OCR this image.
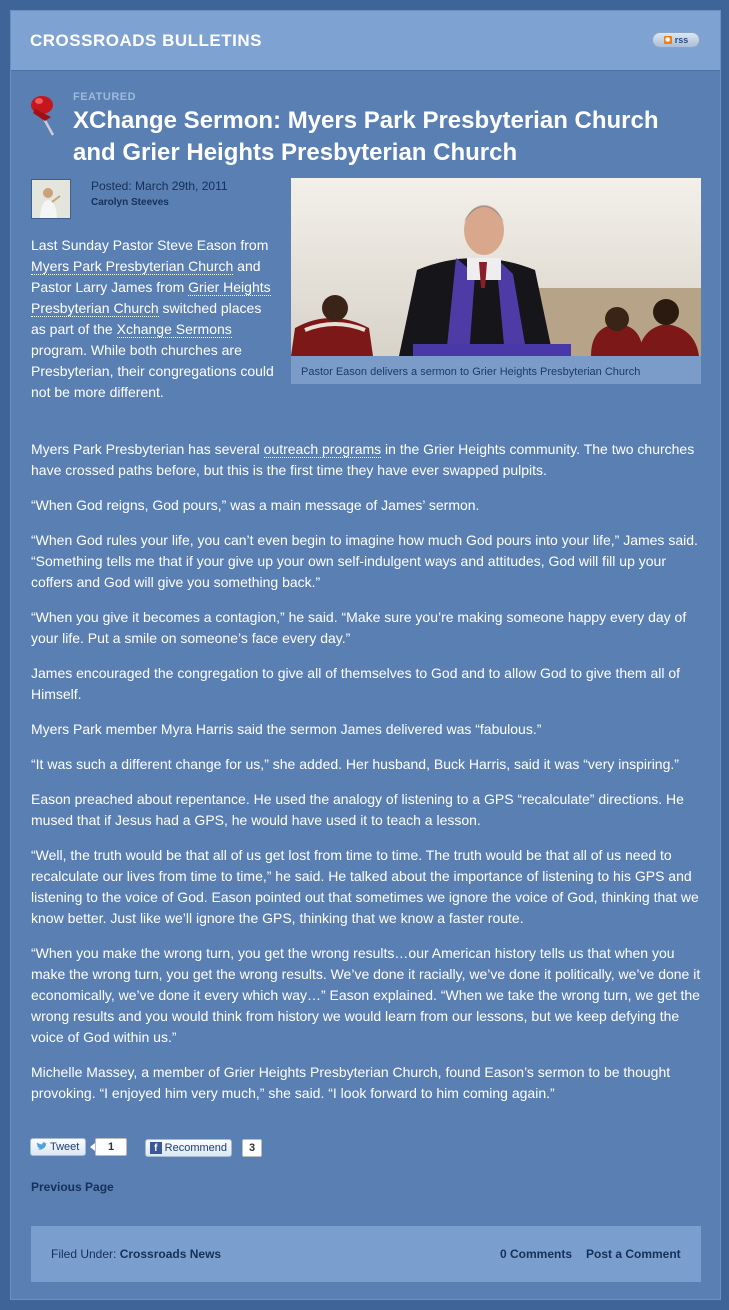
CROSSROADS BULLETINS	◉ rss
FEATURED
XChange Sermon: Myers Park Presbyterian Church and Grier Heights Presbyterian Church
Posted: March 29th, 2011
Carolyn Steeves
Pastor Eason delivers a sermon to Grier Heights Presbyterian Church

Last Sunday Pastor Steve Eason from Myers Park Presbyterian Church and Pastor Larry James from Grier Heights Presbyterian Church switched places as part of the Xchange Sermons program. While both churches are Presbyterian, their congregations could not be more different.

Myers Park Presbyterian has several outreach programs in the Grier Heights community. The two churches have crossed paths before, but this is the first time they have ever swapped pulpits.

“When God reigns, God pours,” was a main message of James’ sermon.

“When God rules your life, you can’t even begin to imagine how much God pours into your life,” James said. “Something tells me that if your give up your own self-indulgent ways and attitudes, God will fill up your coffers and God will give you something back.”

“When you give it becomes a contagion,” he said. “Make sure you’re making someone happy every day of your life. Put a smile on someone’s face every day.”

James encouraged the congregation to give all of themselves to God and to allow God to give them all of Himself.

Myers Park member Myra Harris said the sermon James delivered was “fabulous.”

“It was such a different change for us,” she added. Her husband, Buck Harris, said it was “very inspiring.”

Eason preached about repentance. He used the analogy of listening to a GPS “recalculate” directions. He mused that if Jesus had a GPS, he would have used it to teach a lesson.

“Well, the truth would be that all of us get lost from time to time. The truth would be that all of us need to recalculate our lives from time to time,” he said. He talked about the importance of listening to his GPS and listening to the voice of God. Eason pointed out that sometimes we ignore the voice of God, thinking that we know better. Just like we’ll ignore the GPS, thinking that we know a faster route.

“When you make the wrong turn, you get the wrong results…our American history tells us that when you make the wrong turn, you get the wrong results. We’ve done it racially, we’ve done it politically, we’ve done it economically, we’ve done it every which way…” Eason explained. “When we take the wrong turn, we get the wrong results and you would think from history we would learn from our lessons, but we keep defying the voice of God within us.”

Michelle Massey, a member of Grier Heights Presbyterian Church, found Eason’s sermon to be thought provoking. “I enjoyed him very much,” she said. “I look forward to him coming again.”

Tweet	1	f Recommend	3
Previous Page
Filed Under: Crossroads News	0 Comments Post a Comment
